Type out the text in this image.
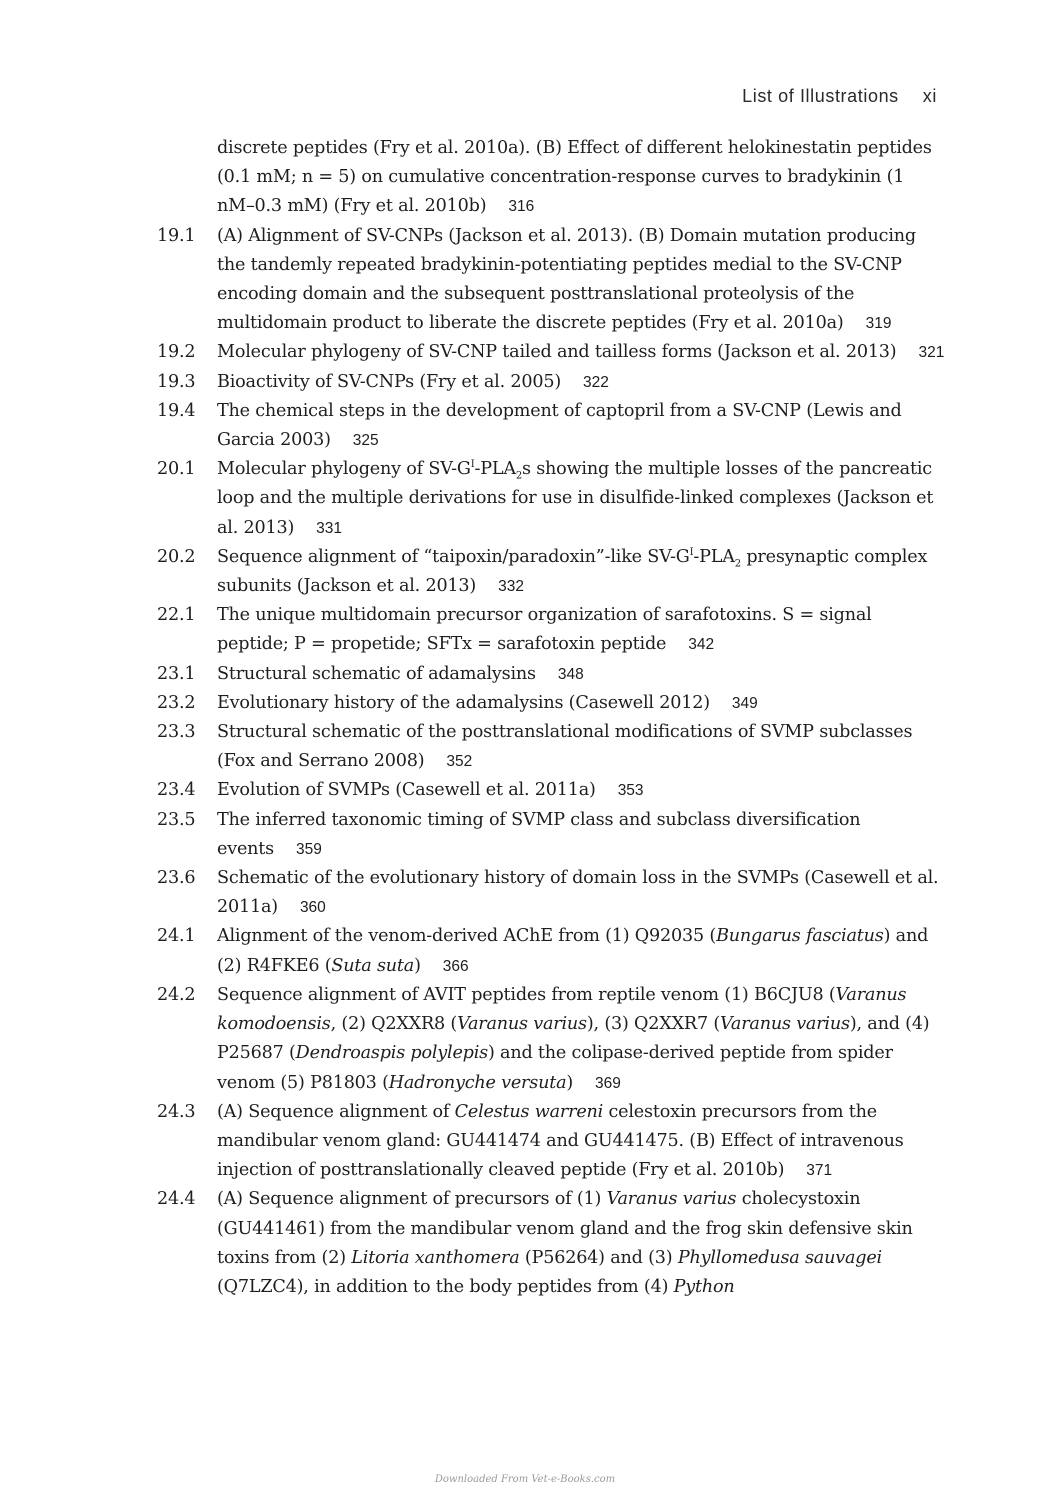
List of Illustrations xi
discrete peptides (Fry et al. 2010a). (B) Effect of different helokinestatin peptides (0.1 mM; n = 5) on cumulative concentration-response curves to bradykinin (1 nM–0.3 mM) (Fry et al. 2010b) 316
19.1	(A) Alignment of SV-CNPs (Jackson et al. 2013). (B) Domain mutation producing the tandemly repeated bradykinin-potentiating peptides medial to the SV-CNP encoding domain and the subsequent posttranslational proteolysis of the multidomain product to liberate the discrete peptides (Fry et al. 2010a) 319
19.2	Molecular phylogeny of SV-CNP tailed and tailless forms (Jackson et al. 2013) 321
19.3	Bioactivity of SV-CNPs (Fry et al. 2005) 322
19.4	The chemical steps in the development of captopril from a SV-CNP (Lewis and Garcia 2003) 325
20.1	Molecular phylogeny of $SV-G^I-PLA_2s$ showing the multiple losses of the pancreatic loop and the multiple derivations for use in disulfide-linked complexes (Jackson et al. 2013) 331
20.2	Sequence alignment of “taipoxin/paradoxin”-like $SV-G^I-PLA_2$ presynaptic complex subunits (Jackson et al. 2013) 332
22.1	The unique multidomain precursor organization of sarafotoxins. S = signal peptide; P = propetide; SFTx = sarafotoxin peptide 342
23.1	Structural schematic of adamalysins 348
23.2	Evolutionary history of the adamalysins (Casewell 2012) 349
23.3	Structural schematic of the posttranslational modifications of SVMP subclasses (Fox and Serrano 2008) 352
23.4	Evolution of SVMPs (Casewell et al. 2011a) 353
23.5	The inferred taxonomic timing of SVMP class and subclass diversification events 359
23.6	Schematic of the evolutionary history of domain loss in the SVMPs (Casewell et al. 2011a) 360
24.1	Alignment of the venom-derived AChE from (1) Q92035 (Bungarus fasciatus) and (2) R4FKE6 (Suta suta) 366
24.2	Sequence alignment of AVIT peptides from reptile venom (1) B6CJU8 (Varanus komodoensis, (2) Q2XXR8 (Varanus varius), (3) Q2XXR7 (Varanus varius), and (4) P25687 (Dendroaspis polylepis) and the colipase-derived peptide from spider venom (5) P81803 (Hadronyche versuta) 369
24.3	(A) Sequence alignment of Celestus warreni celestoxin precursors from the mandibular venom gland: GU441474 and GU441475. (B) Effect of intravenous injection of posttranslationally cleaved peptide (Fry et al. 2010b) 371
24.4	(A) Sequence alignment of precursors of (1) Varanus varius cholecystoxin (GU441461) from the mandibular venom gland and the frog skin defensive skin toxins from (2) Litoria xanthomera (P56264) and (3) Phyllomedusa sauvagei (Q7LZC4), in addition to the body peptides from (4) Python
Downloaded From Vet-e-Books.com
